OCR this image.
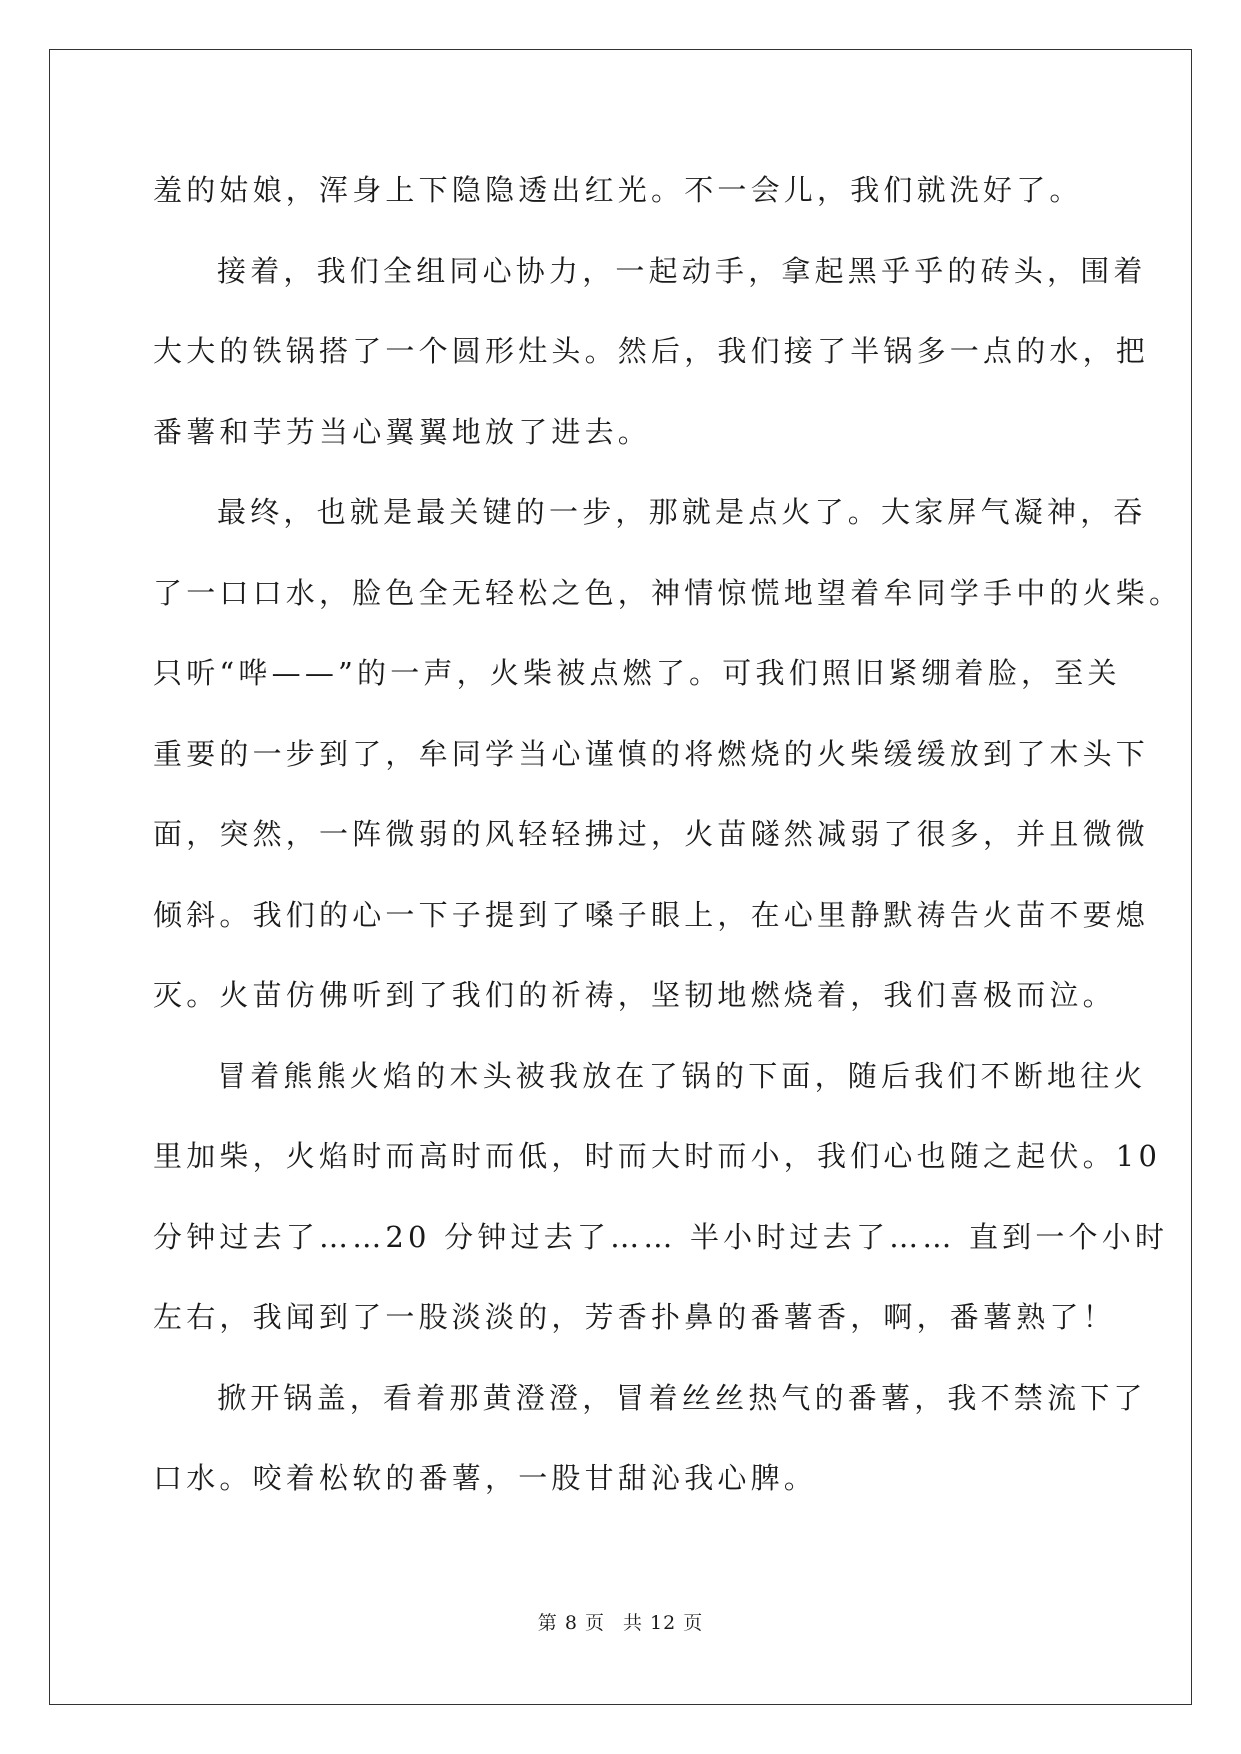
羞的姑娘，浑身上下隐隐透出红光。不一会儿，我们就洗好了。
接着，我们全组同心协力，一起动手，拿起黑乎乎的砖头，围着
大大的铁锅搭了一个圆形灶头。然后，我们接了半锅多一点的水，把
番薯和芋艻当心翼翼地放了进去。
最终，也就是最关键的一步，那就是点火了。大家屏气凝神，吞
了一口口水，脸色全无轻松之色，神情惊慌地望着牟同学手中的火柴。
只听“哗——”的一声，火柴被点燃了。可我们照旧紧绷着脸，至关
重要的一步到了，牟同学当心谨慎的将燃烧的火柴缓缓放到了木头下
面，突然，一阵微弱的风轻轻拂过，火苗隧然减弱了很多，并且微微
倾斜。我们的心一下子提到了嗓子眼上，在心里静默祷告火苗不要熄
灭。火苗仿佛听到了我们的祈祷，坚韧地燃烧着，我们喜极而泣。
冒着熊熊火焰的木头被我放在了锅的下面，随后我们不断地往火
里加柴，火焰时而高时而低，时而大时而小，我们心也随之起伏。10
分钟过去了……20 分钟过去了…… 半小时过去了…… 直到一个小时
左右，我闻到了一股淡淡的，芳香扑鼻的番薯香，啊，番薯熟了！
掀开锅盖，看着那黄澄澄，冒着丝丝热气的番薯，我不禁流下了
口水。咬着松软的番薯，一股甘甜沁我心脾。
第 8 页 共 12 页
